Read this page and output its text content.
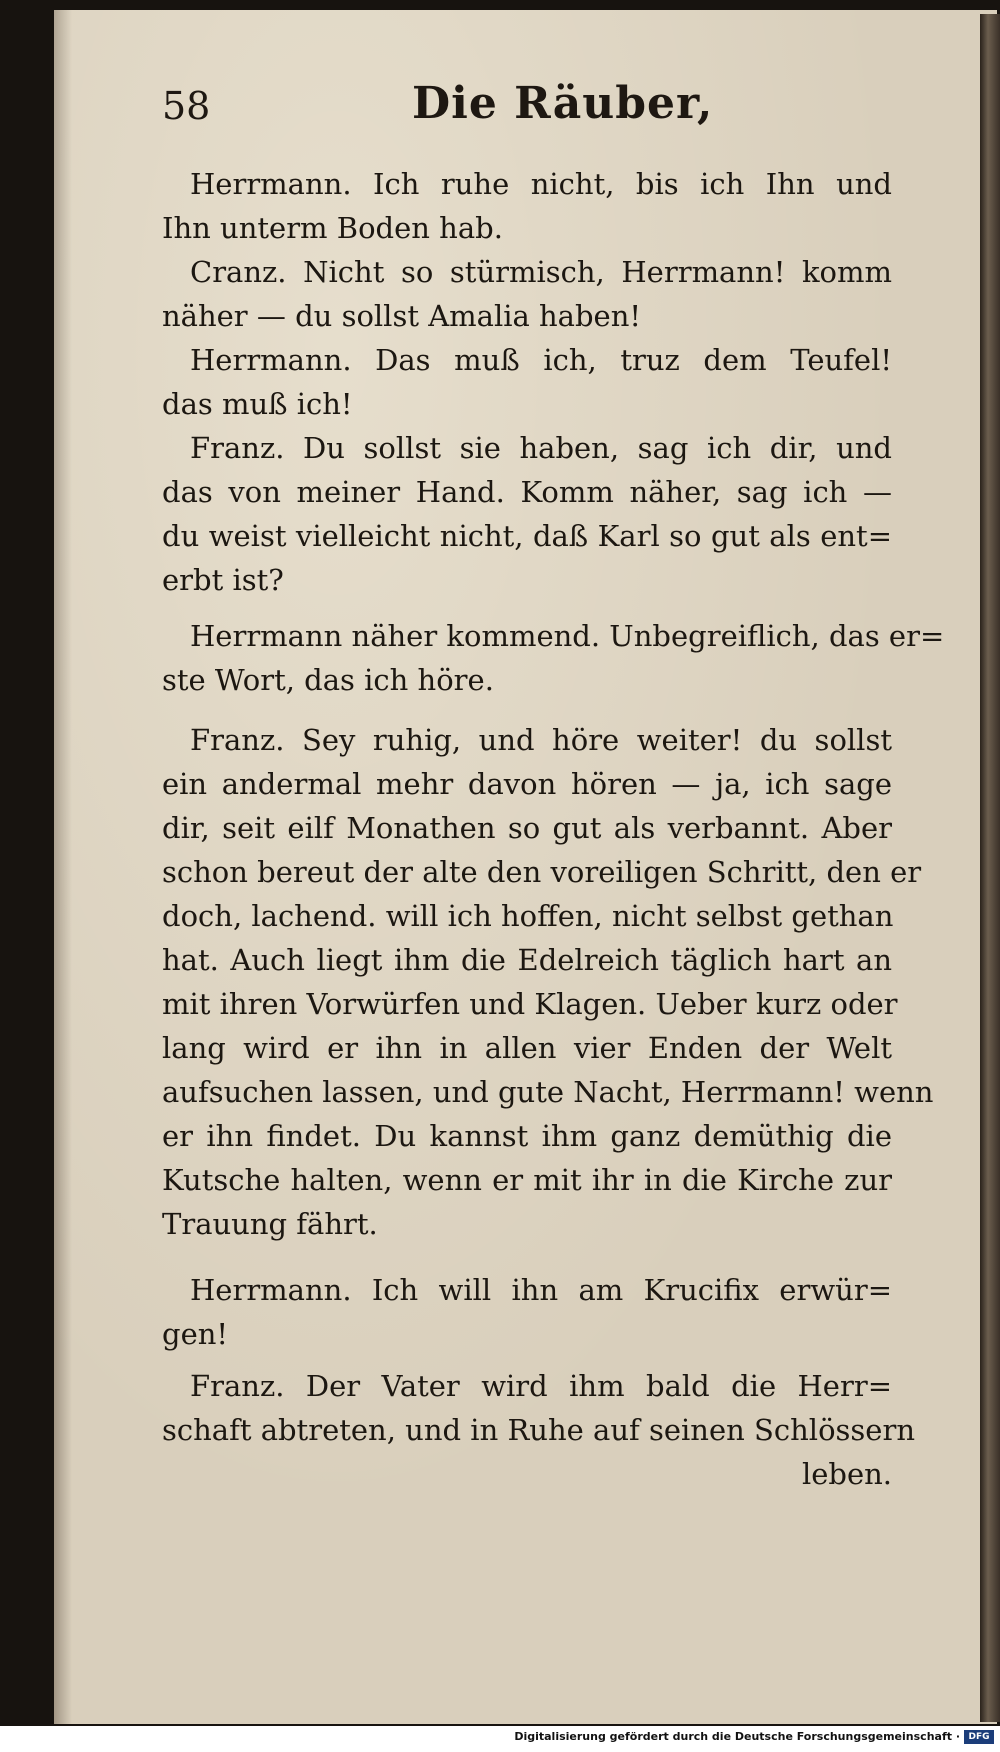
58	Die Räuber,
Herrmann. Ich ruhe nicht, bis ich Ihn und
Ihn unterm Boden hab.
Cranz. Nicht so stürmisch, Herrmann! komm
näher — du sollst Amalia haben!
Herrmann. Das muß ich, truz dem Teufel!
das muß ich!
Franz. Du sollst sie haben, sag ich dir, und
das von meiner Hand. Komm näher, sag ich —
du weist vielleicht nicht, daß Karl so gut als ent=
erbt ist?
Herrmann näher kommend. Unbegreiflich, das er=
ste Wort, das ich höre.
Franz. Sey ruhig, und höre weiter! du sollst
ein andermal mehr davon hören — ja, ich sage
dir, seit eilf Monathen so gut als verbannt. Aber
schon bereut der alte den voreiligen Schritt, den er
doch, lachend. will ich hoffen, nicht selbst gethan
hat. Auch liegt ihm die Edelreich täglich hart an
mit ihren Vorwürfen und Klagen. Ueber kurz oder
lang wird er ihn in allen vier Enden der Welt
aufsuchen lassen, und gute Nacht, Herrmann! wenn
er ihn findet. Du kannst ihm ganz demüthig die
Kutsche halten, wenn er mit ihr in die Kirche zur
Trauung fährt.
Herrmann. Ich will ihn am Krucifix erwür=
gen!
Franz. Der Vater wird ihm bald die Herr=
schaft abtreten, und in Ruhe auf seinen Schlössern
leben.
Digitalisierung gefördert durch die Deutsche Forschungsgemeinschaft · DFG
